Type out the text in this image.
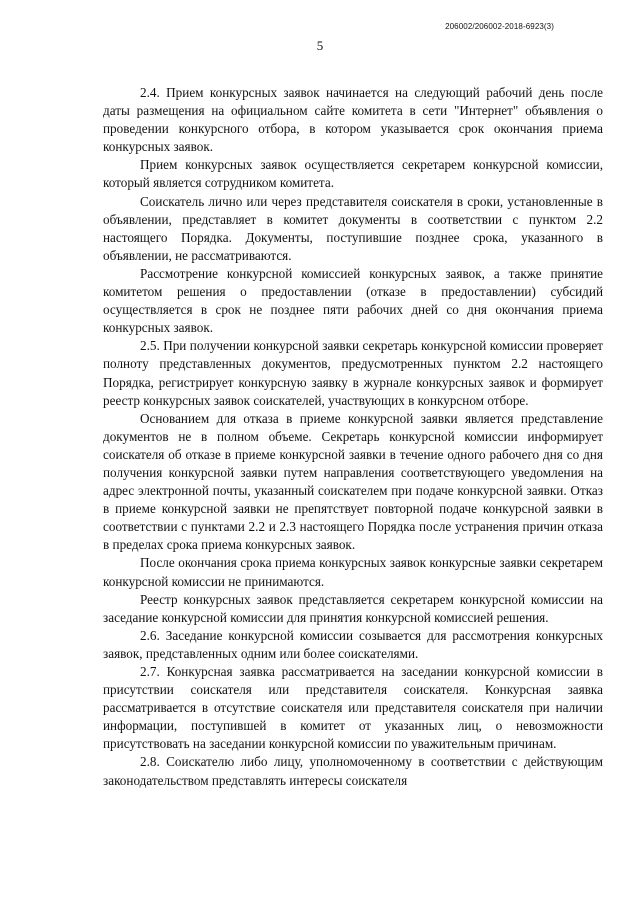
206002/206002-2018-6923(3)
5

2.4. Прием конкурсных заявок начинается на следующий рабочий день после даты размещения на официальном сайте комитета в сети "Интернет" объявления о проведении конкурсного отбора, в котором указывается срок окончания приема конкурсных заявок.

Прием конкурсных заявок осуществляется секретарем конкурсной комиссии, который является сотрудником комитета.

Соискатель лично или через представителя соискателя в сроки, установленные в объявлении, представляет в комитет документы в соответствии с пунктом 2.2 настоящего Порядка. Документы, поступившие позднее срока, указанного в объявлении, не рассматриваются.

Рассмотрение конкурсной комиссией конкурсных заявок, а также принятие комитетом решения о предоставлении (отказе в предоставлении) субсидий осуществляется в срок не позднее пяти рабочих дней со дня окончания приема конкурсных заявок.

2.5. При получении конкурсной заявки секретарь конкурсной комиссии проверяет полноту представленных документов, предусмотренных пунктом 2.2 настоящего Порядка, регистрирует конкурсную заявку в журнале конкурсных заявок и формирует реестр конкурсных заявок соискателей, участвующих в конкурсном отборе.

Основанием для отказа в приеме конкурсной заявки является представление документов не в полном объеме. Секретарь конкурсной комиссии информирует соискателя об отказе в приеме конкурсной заявки в течение одного рабочего дня со дня получения конкурсной заявки путем направления соответствующего уведомления на адрес электронной почты, указанный соискателем при подаче конкурсной заявки. Отказ в приеме конкурсной заявки не препятствует повторной подаче конкурсной заявки в соответствии с пунктами 2.2 и 2.3 настоящего Порядка после устранения причин отказа в пределах срока приема конкурсных заявок.

После окончания срока приема конкурсных заявок конкурсные заявки секретарем конкурсной комиссии не принимаются.

Реестр конкурсных заявок представляется секретарем конкурсной комиссии на заседание конкурсной комиссии для принятия конкурсной комиссией решения.

2.6. Заседание конкурсной комиссии созывается для рассмотрения конкурсных заявок, представленных одним или более соискателями.

2.7. Конкурсная заявка рассматривается на заседании конкурсной комиссии в присутствии соискателя или представителя соискателя. Конкурсная заявка рассматривается в отсутствие соискателя или представителя соискателя при наличии информации, поступившей в комитет от указанных лиц, о невозможности присутствовать на заседании конкурсной комиссии по уважительным причинам.

2.8. Соискателю либо лицу, уполномоченному в соответствии с действующим законодательством представлять интересы соискателя
